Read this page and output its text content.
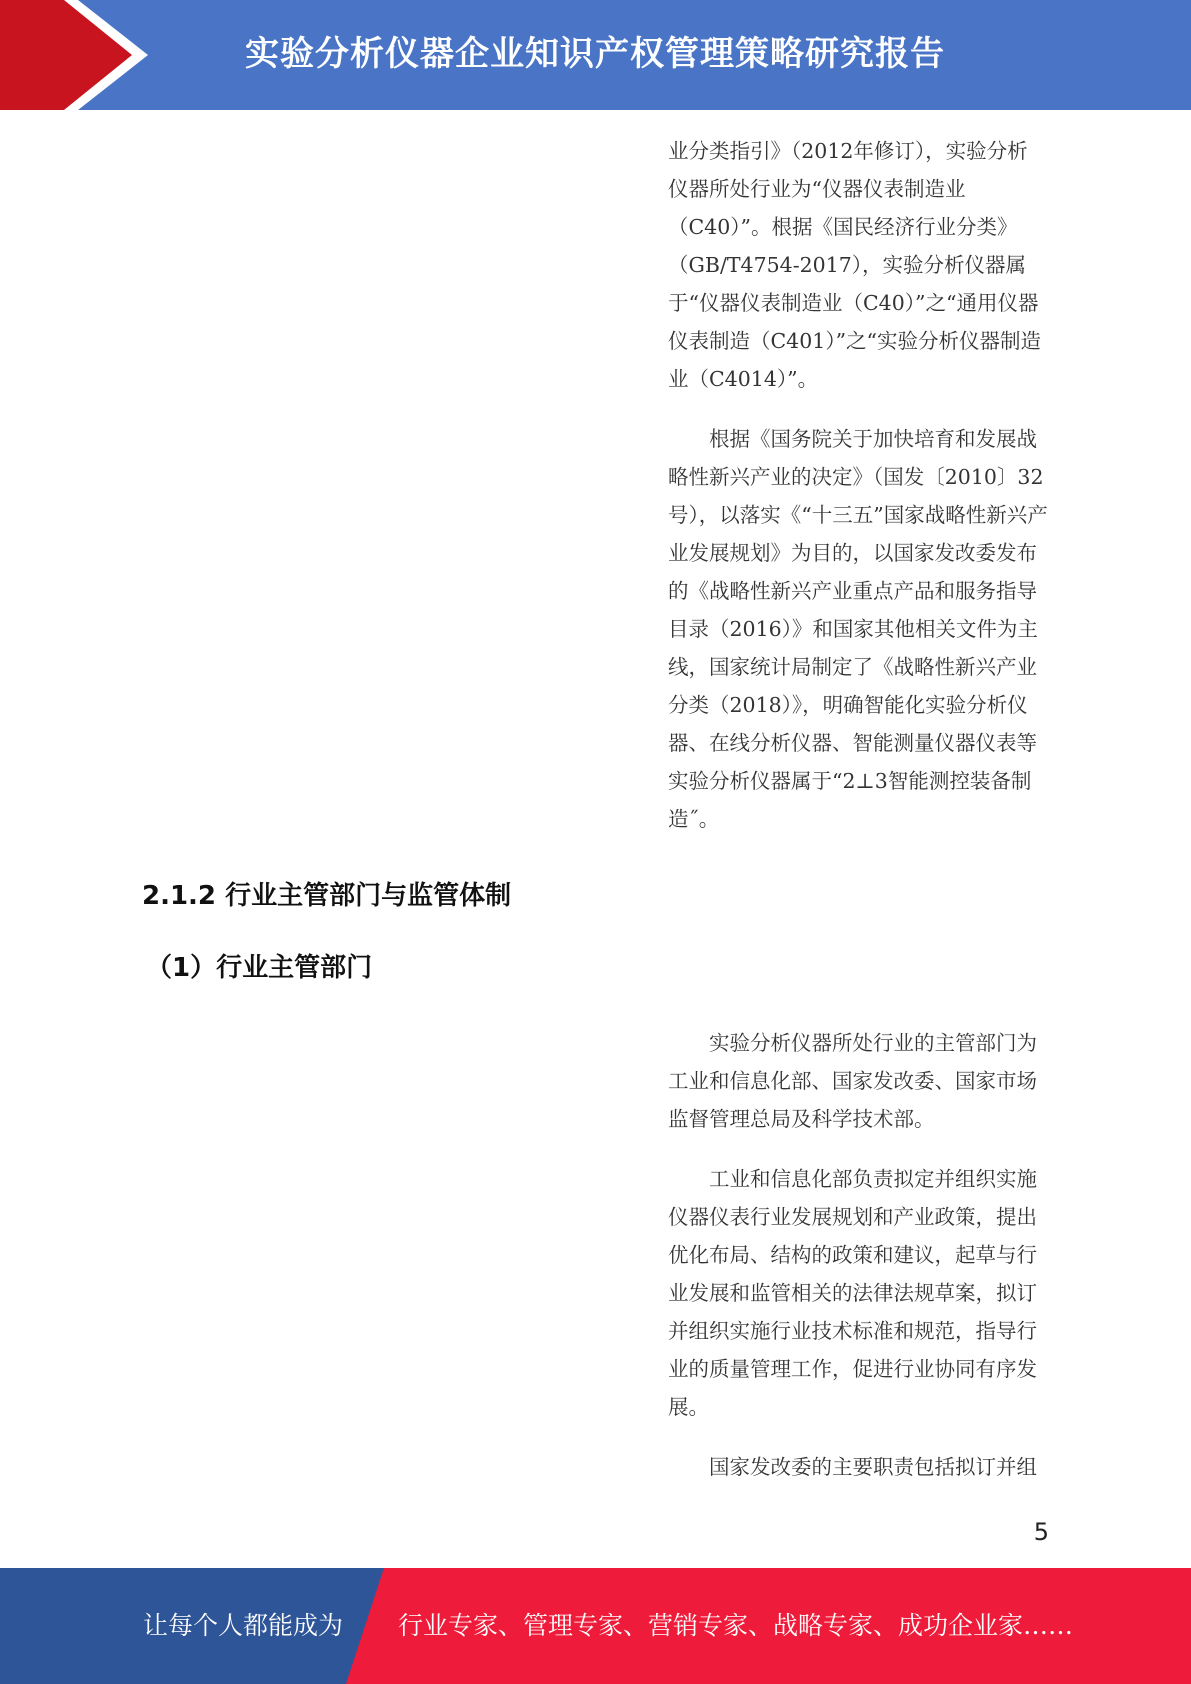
实验分析仪器企业知识产权管理策略研究报告

业分类指引》（2012年修订），实验分析仪器所处行业为“仪器仪表制造业（C40）”。根据《国民经济行业分类》（GB/T4754-2017），实验分析仪器属于“仪器仪表制造业（C40）”之“通用仪器仪表制造（C401）”之“实验分析仪器制造业（C4014）”。

根据《国务院关于加快培育和发展战略性新兴产业的决定》（国发〔2010〕32号），以落实《“十三五”国家战略性新兴产业发展规划》为目的，以国家发改委发布的《战略性新兴产业重点产品和服务指导目录（2016）》和国家其他相关文件为主线，国家统计局制定了《战略性新兴产业分类（2018）》，明确智能化实验分析仪器、在线分析仪器、智能测量仪器仪表等实验分析仪器属于“2⊥3智能测控装备制造˝。

2.1.2 行业主管部门与监管体制
（1）行业主管部门

实验分析仪器所处行业的主管部门为工业和信息化部、国家发改委、国家市场监督管理总局及科学技术部。

工业和信息化部负责拟定并组织实施仪器仪表行业发展规划和产业政策，提出优化布局、结构的政策和建议，起草与行业发展和监管相关的法律法规草案，拟订并组织实施行业技术标准和规范，指导行业的质量管理工作，促进行业协同有序发展。

国家发改委的主要职责包括拟订并组

5
让每个人都能成为 行业专家、管理专家、营销专家、战略专家、成功企业家……
